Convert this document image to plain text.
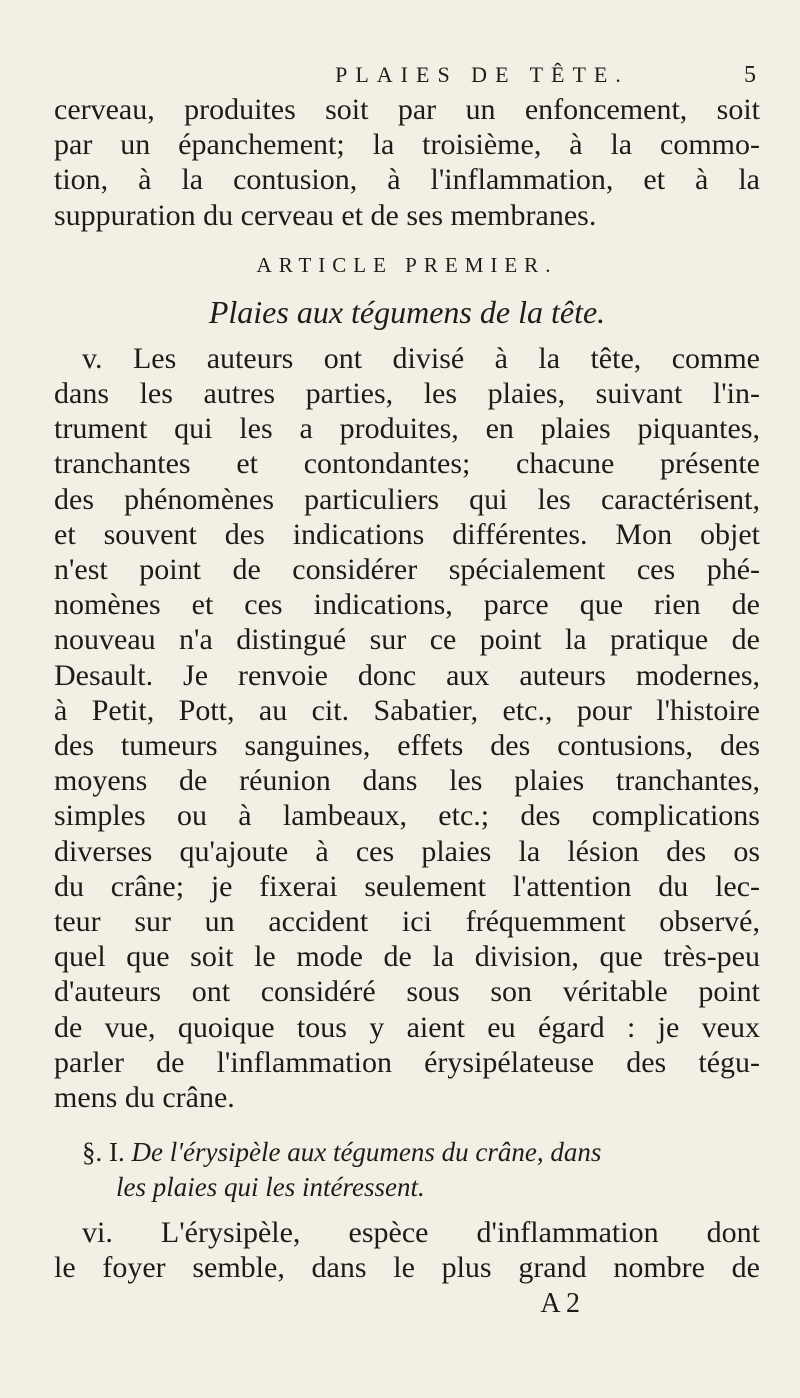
PLAIES DE TÊTE.	5
cerveau, produites soit par un enfoncement, soit
par un épanchement; la troisième, à la commo-
tion, à la contusion, à l'inflammation, et à la
suppuration du cerveau et de ses membranes.
ARTICLE PREMIER.
Plaies aux tégumens de la tête.
v. Les auteurs ont divisé à la tête, comme
dans les autres parties, les plaies, suivant l'in-
trument qui les a produites, en plaies piquantes,
tranchantes et contondantes; chacune présente
des phénomènes particuliers qui les caractérisent,
et souvent des indications différentes. Mon objet
n'est point de considérer spécialement ces phé-
nomènes et ces indications, parce que rien de
nouveau n'a distingué sur ce point la pratique de
Desault. Je renvoie donc aux auteurs modernes,
à Petit, Pott, au cit. Sabatier, etc., pour l'histoire
des tumeurs sanguines, effets des contusions, des
moyens de réunion dans les plaies tranchantes,
simples ou à lambeaux, etc.; des complications
diverses qu'ajoute à ces plaies la lésion des os
du crâne; je fixerai seulement l'attention du lec-
teur sur un accident ici fréquemment observé,
quel que soit le mode de la division, que très-peu
d'auteurs ont considéré sous son véritable point
de vue, quoique tous y aient eu égard : je veux
parler de l'inflammation érysipélateuse des tégu-
mens du crâne.
§. I. De l'érysipèle aux tégumens du crâne, dans
les plaies qui les intéressent.
vi. L'érysipèle, espèce d'inflammation dont
le foyer semble, dans le plus grand nombre de
A 2
